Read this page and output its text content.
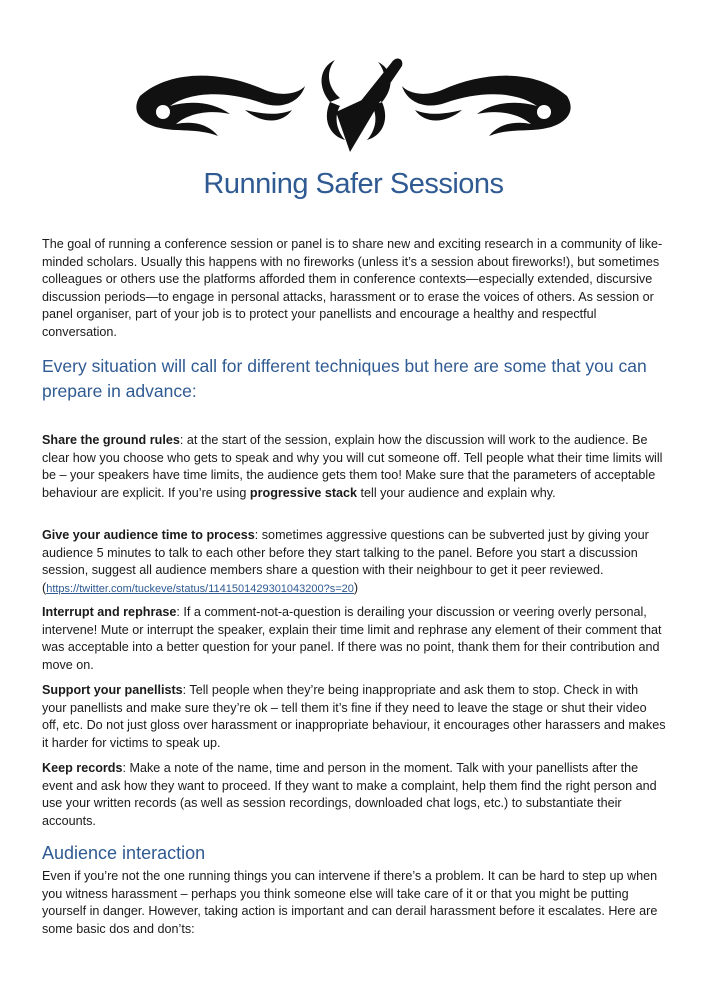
Running Safer Sessions
The goal of running a conference session or panel is to share new and exciting research in a community of like-minded scholars. Usually this happens with no fireworks (unless it’s a session about fireworks!), but sometimes colleagues or others use the platforms afforded them in conference contexts—especially extended, discursive discussion periods—to engage in personal attacks, harassment or to erase the voices of others. As session or panel organiser, part of your job is to protect your panellists and encourage a healthy and respectful conversation.
Every situation will call for different techniques but here are some that you can prepare in advance:
Share the ground rules: at the start of the session, explain how the discussion will work to the audience. Be clear how you choose who gets to speak and why you will cut someone off. Tell people what their time limits will be – your speakers have time limits, the audience gets them too! Make sure that the parameters of acceptable behaviour are explicit. If you’re using progressive stack tell your audience and explain why.
Give your audience time to process: sometimes aggressive questions can be subverted just by giving your audience 5 minutes to talk to each other before they start talking to the panel. Before you start a discussion session, suggest all audience members share a question with their neighbour to get it peer reviewed. (https://twitter.com/tuckeve/status/1141501429301043200?s=20)
Interrupt and rephrase: If a comment-not-a-question is derailing your discussion or veering overly personal, intervene! Mute or interrupt the speaker, explain their time limit and rephrase any element of their comment that was acceptable into a better question for your panel. If there was no point, thank them for their contribution and move on.
Support your panellists: Tell people when they’re being inappropriate and ask them to stop. Check in with your panellists and make sure they’re ok – tell them it’s fine if they need to leave the stage or shut their video off, etc. Do not just gloss over harassment or inappropriate behaviour, it encourages other harassers and makes it harder for victims to speak up.
Keep records: Make a note of the name, time and person in the moment. Talk with your panellists after the event and ask how they want to proceed. If they want to make a complaint, help them find the right person and use your written records (as well as session recordings, downloaded chat logs, etc.) to substantiate their accounts.
Audience interaction
Even if you’re not the one running things you can intervene if there’s a problem. It can be hard to step up when you witness harassment – perhaps you think someone else will take care of it or that you might be putting yourself in danger. However, taking action is important and can derail harassment before it escalates. Here are some basic dos and don’ts:
